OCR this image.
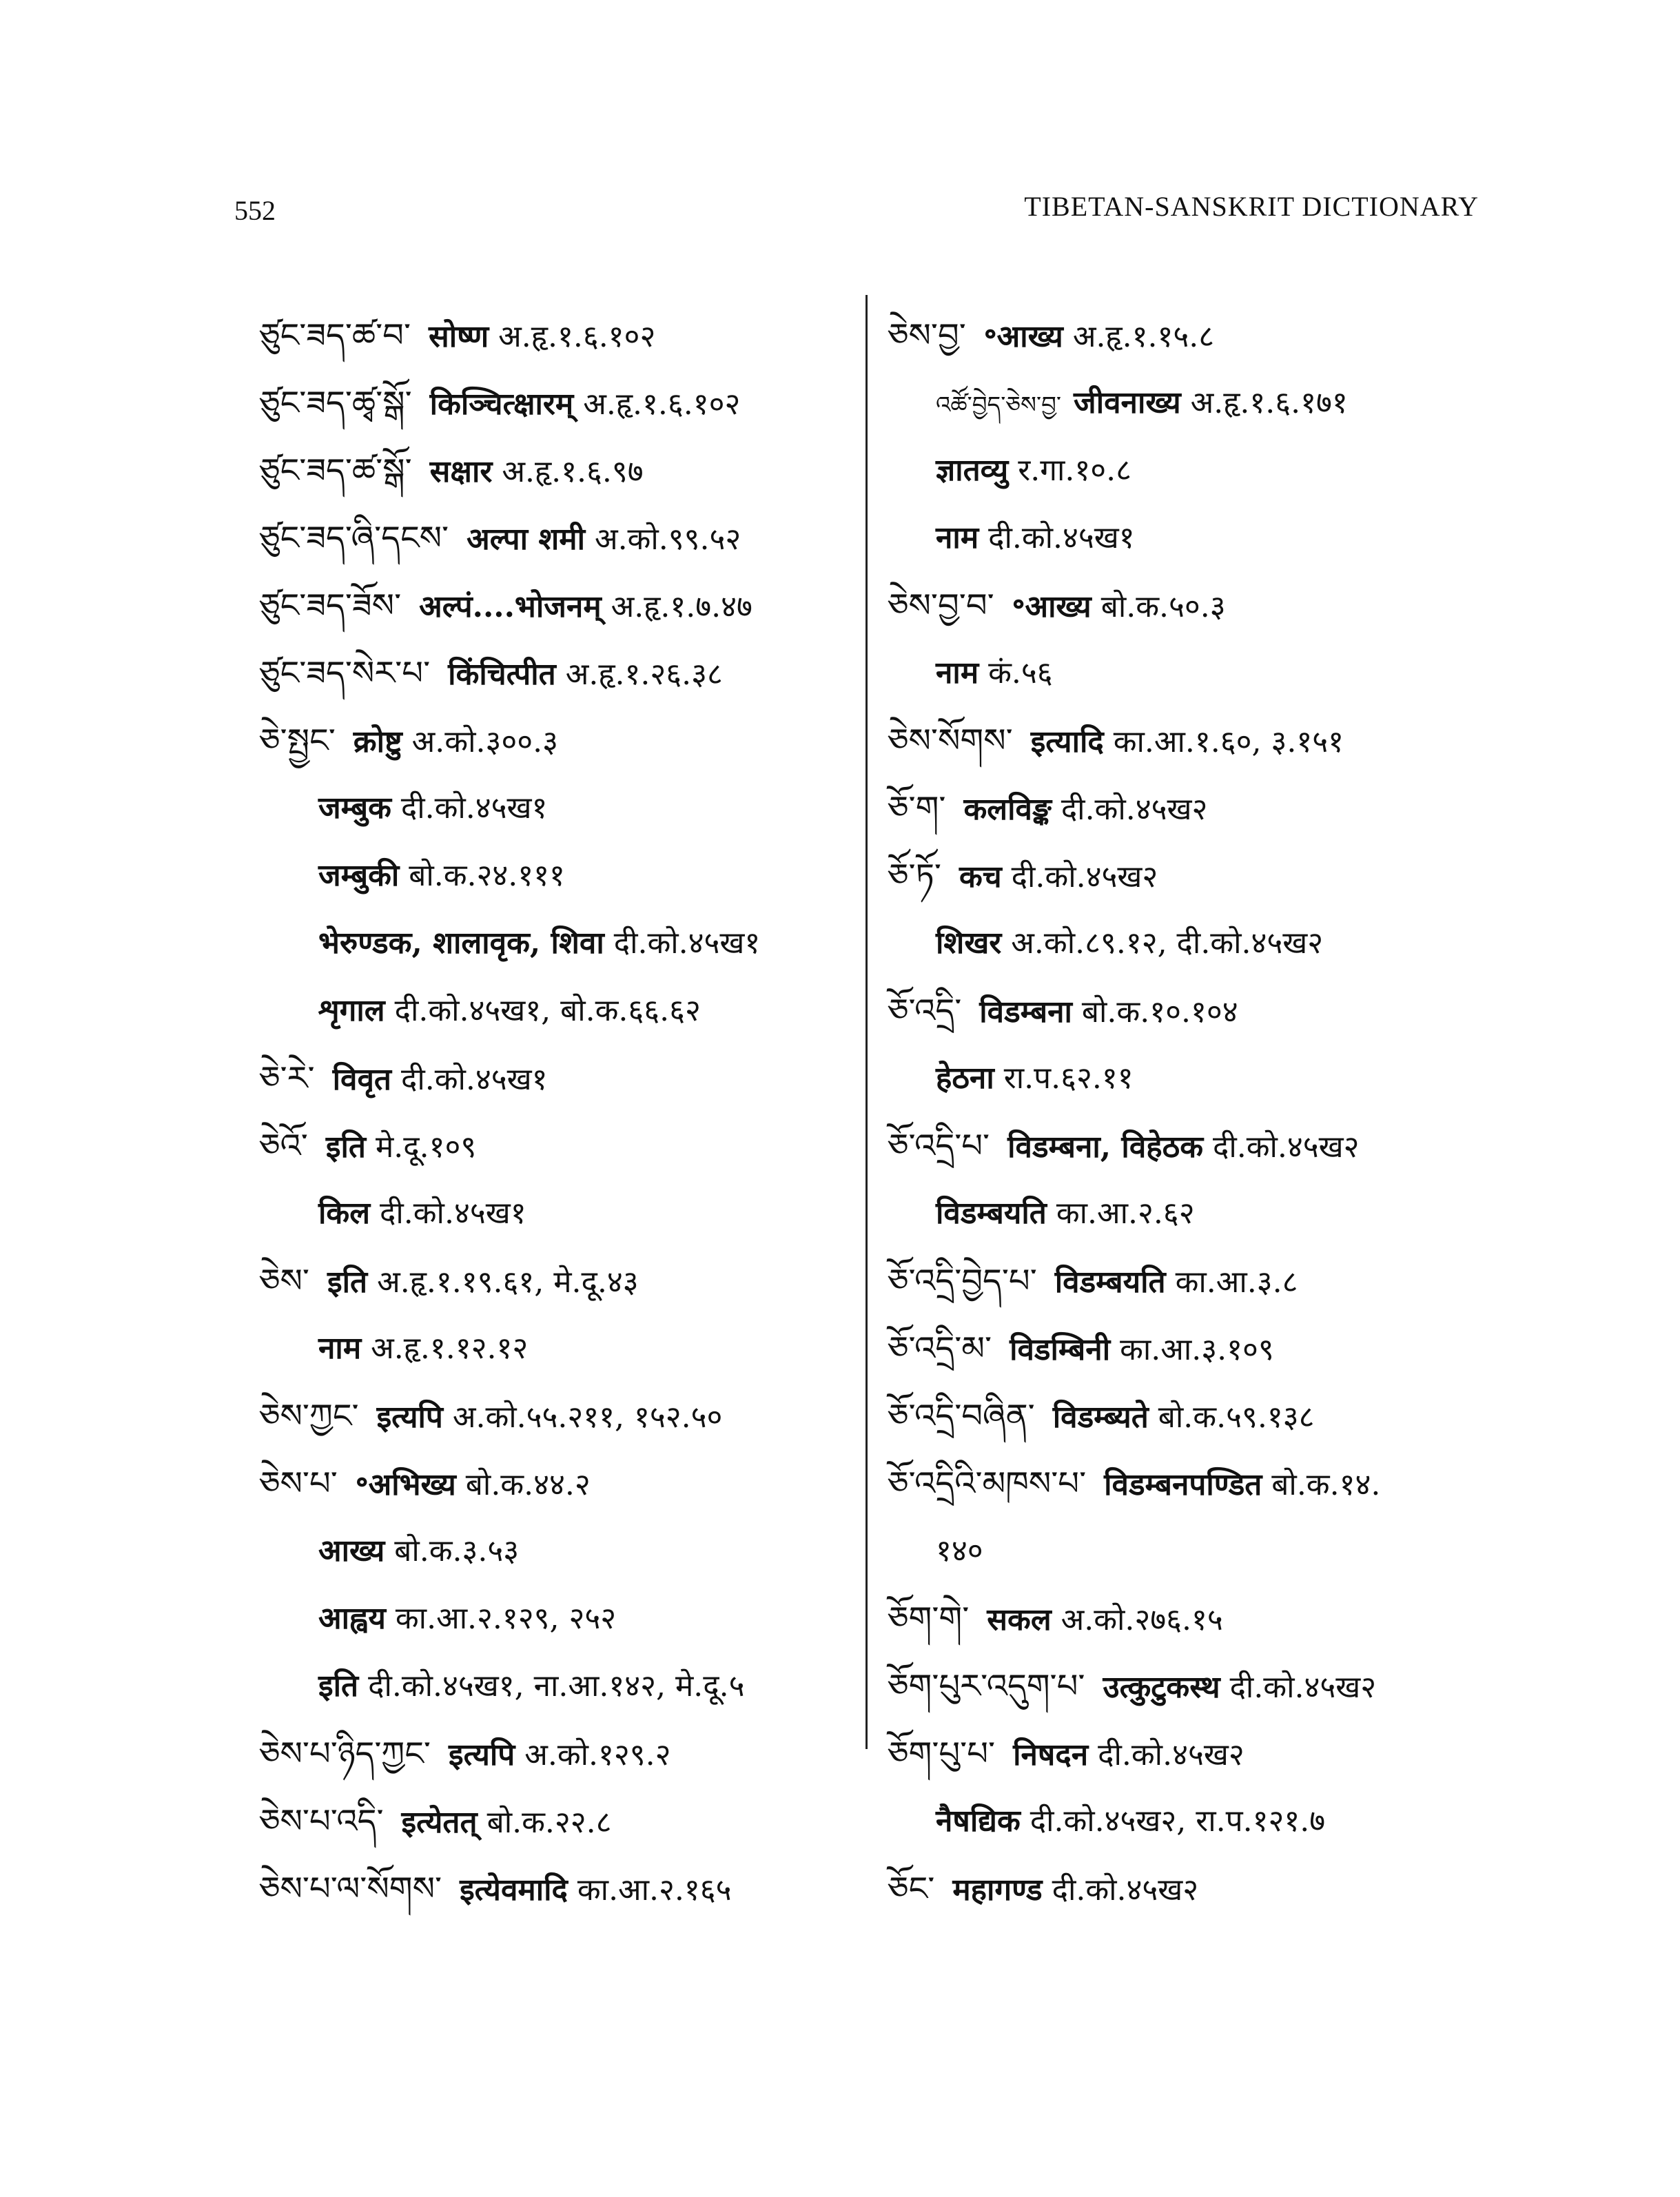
552	TIBETAN-SANSKRIT DICTIONARY
ཙུང་ཟད་ཚ་བ་ सोष्ण अ.हृ.१.६.१०२
ཙུང་ཟད་ཚྭ་སྒོ་ किञ्चित्क्षारम् अ.हृ.१.६.१०२
ཙུང་ཟད་ཚ་སྒོ་ सक्षार अ.हृ.१.६.९७
ཙུང་ཟད་ཞི་དངས་ अल्पा शमी अ.को.९९.५२
ཙུང་ཟད་ཟོས་ अल्पं....भोजनम् अ.हृ.१.७.४७
ཙུང་ཟད་སེར་པ་ किंचित्पीत अ.हृ.१.२६.३८
ཅེ་སྤྱང་ क्रोष्टु अ.को.३००.३
जम्बुक दी.को.४५ख१
जम्बुकी बो.क.२४.१११
भेरुण्डक, शालावृक, शिवा दी.को.४५ख१
शृगाल दी.को.४५ख१, बो.क.६६.६२
ཅེ་རེ་ विवृत दी.को.४५ख१
ཅེའོ་ इति मे.दू.१०९
किल दी.को.४५ख१
ཅེས་ इति अ.हृ.१.१९.६१, मे.दू.४३
नाम अ.हृ.१.१२.१२
ཅེས་ཀྱང་ इत्यपि अ.को.५५.२११, १५२.५०
ཅེས་པ་ ॰अभिख्य बो.क.४४.२
आख्य बो.क.३.५३
आह्वय का.आ.२.१२९, २५२
इति दी.को.४५ख१, ना.आ.१४२, मे.दू.५
ཅེས་པ་ཉིད་ཀྱང་ इत्यपि अ.को.१२९.२
ཅེས་པ་འདི་ इत्येतत् बो.क.२२.८
ཅེས་པ་ལ་སོགས་ इत्येवमादि का.आ.२.१६५
ཅེས་བྱ་ ॰आख्य अ.हृ.१.१५.८
འཚོ་བྱེད་ཅེས་བྱ་ जीवनाख्य अ.हृ.१.६.१७१
ज्ञातव्यु र.गा.१०.८
नाम दी.को.४५ख१
ཅེས་བྱ་བ་ ॰आख्य बो.क.५०.३
नाम कं.५६
ཅེས་སོགས་ इत्यादि का.आ.१.६०, ३.१५१
ཅོ་ག་ कलविङ्क दी.को.४५ख२
ཅོ་ཏོ་ कच दी.को.४५ख२
शिखर अ.को.८९.१२, दी.को.४५ख२
ཅོ་འདྲི་ विडम्बना बो.क.१०.१०४
हेठना रा.प.६२.११
ཅོ་འདྲི་པ་ विडम्बना, विहेठक दी.को.४५ख२
विडम्बयति का.आ.२.६२
ཅོ་འདྲི་བྱེད་པ་ विडम्बयति का.आ.३.८
ཅོ་འདྲི་མ་ विडम्बिनी का.आ.३.१०९
ཅོ་འདྲི་བཞིན་ विडम्ब्यते बो.क.५९.१३८
ཅོ་འདྲིའི་མཁས་པ་ विडम्बनपण्डित बो.क.१४.
१४०
ཅོག་གེ་ सकल अ.को.२७६.१५
ཅོག་པུར་འདུག་པ་ उत्कुटुकस्थ दी.को.४५ख२
ཅོག་པུ་པ་ निषदन दी.को.४५ख२
नैषद्यिक दी.को.४५ख२, रा.प.१२१.७
ཅོང་ महागण्ड दी.को.४५ख२
